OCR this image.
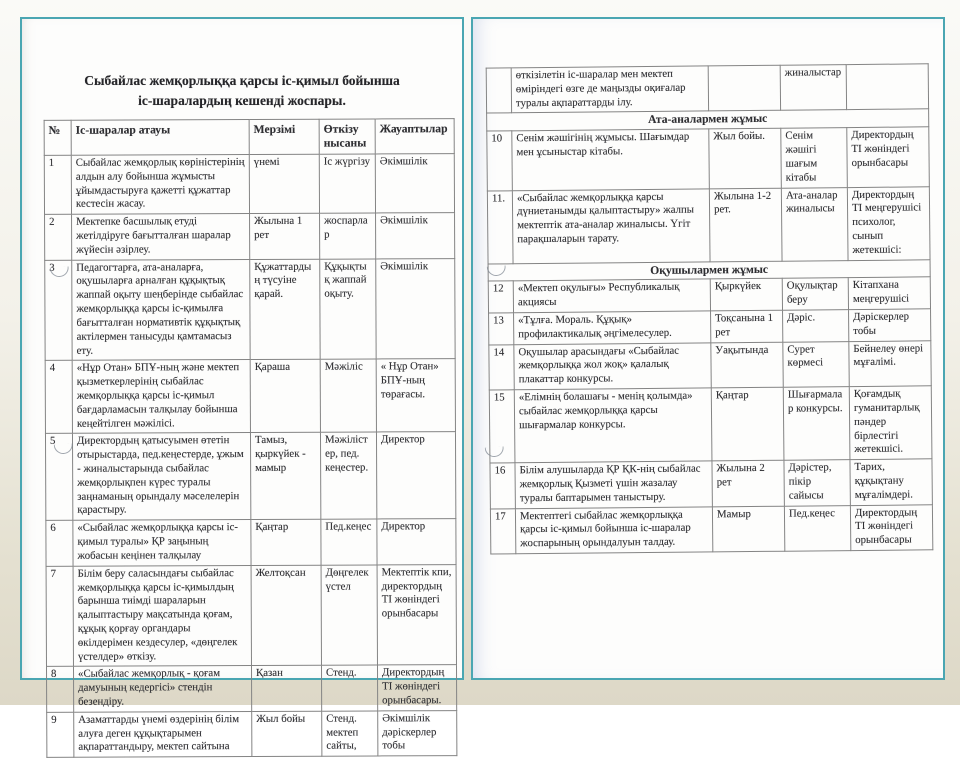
Сыбайлас жемқорлыққа қарсы іс-қимыл бойынша
іс-шаралардың кешенді жоспары.
№	Іс-шаралар атауы	Мерзімі	Өткізу нысаны	Жауаптылар
1	Сыбайлас жемқорлық көріністерінің алдын алу бойынша жұмысты ұйымдастыруға қажетті құжаттар кестесін жасау.	үнемі	Іс жүргізу	Әкімшілік
2	Мектепке басшылық етуді жетілдіруге бағытталған шаралар жүйесін әзірлеу.	Жылына 1 рет	жоспарлар	Әкімшілік
3	Педагогтарға, ата-аналарға, оқушыларға арналған құқықтық жаппай оқыту шеңберінде сыбайлас жемқорлыққа қарсы іс-қимылға бағытталған нормативтік құқықтық актілермен танысуды қамтамасыз ету.	Құжаттардың түсуіне қарай.	Құқықтық жаппай оқыту.	Әкімшілік
4	«Нұр Отан» БПҰ-ның және мектеп қызметкерлерінің сыбайлас жемқорлыққа қарсы іс-қимыл бағдарламасын талқылау бойынша кеңейтілген мәжілісі.	Қараша	Мәжіліс	« Нұр Отан» БПҰ-ның төрағасы.
5	Директордың қатысуымен өтетін отырыстарда, пед.кеңестерде, ұжым - жиналыстарында сыбайлас жемқорлықпен күрес туралы заңнаманың орындалу мәселелерін қарастыру.	Тамыз, қыркүйек - мамыр	Мәжілістер, пед. кеңестер.	Директор
6	«Сыбайлас жемқорлыққа қарсы іс- қимыл туралы» ҚР заңының жобасын кеңінен талқылау	Қаңтар	Пед.кеңес	Директор
7	Білім беру саласындағы сыбайлас жемқорлыққа қарсы іс-қимылдың барынша тиімді шараларын қалыптастыру мақсатында қоғам, құқық қорғау органдары өкілдерімен кездесулер, «дөңгелек үстелдер» өткізу.	Желтоқсан	Дөңгелек үстел	Мектептік кпи, директордың ТІ жөніндегі орынбасары
8	«Сыбайлас жемқорлық - қоғам дамуының кедергісі» стендін безендіру.	Қазан	Стенд.	Директордың ТІ жөніндегі орынбасары.
9	Азаматтарды үнемі өздерінің білім алуға деген құқықтарымен ақпараттандыру, мектеп сайтына	Жыл бойы	Стенд. мектеп сайты,	Әкімшілік дәріскерлер тобы
	өткізілетін іс-шаралар мен мектеп өміріндегі өзге де маңызды оқиғалар туралы ақпараттарды ілу.		жиналыстар	
Ата-аналармен жұмыс				
10	Сенім жәшігінің жұмысы. Шағымдар мен ұсыныстар кітабы.	Жыл бойы.	Сенім жәшігі шағым кітабы	Директордың ТІ жөніндегі орынбасары
11.	«Сыбайлас жемқорлыққа қарсы дүниетанымды қалыптастыру» жалпы мектептік ата-аналар жиналысы. Үгіт парақшаларын тарату.	Жылына 1-2 рет.	Ата-аналар жиналысы	Директордың ТІ меңгерушісі психолог, сынып жетекшісі:
Оқушылармен жұмыс				
12	«Мектеп оқулығы» Республикалық акциясы	Қыркүйек	Оқулықтар беру	Кітапхана меңгерушісі
13	«Тұлға. Мораль. Құқық» профилактикалық әңгімелесулер.	Тоқсанына 1 рет	Дәріс.	Дәріскерлер тобы
14	Оқушылар арасындағы «Сыбайлас жемқорлыққа жол жоқ» қалалық плакаттар конкурсы.	Уақытында	Сурет көрмесі	Бейнелеу өнері мұғалімі.
15	«Елімнің болашағы - менің қолымда» сыбайлас жемқорлыққа қарсы шығармалар конкурсы.	Қаңтар	Шығармалар конкурсы.	Қоғамдық гуманитарлық пәндер бірлестігі жетекшісі.
16	Білім алушыларда ҚР ҚК-нің сыбайлас жемқорлық Қызметі үшін жазалау туралы баптарымен таныстыру.	Жылына 2 рет	Дәрістер, пікір сайысы	Тарих, құқықтану мұғалімдері.
17	Мектептегі сыбайлас жемқорлыққа қарсы іс-қимыл бойынша іс-шаралар жоспарының орындалуын талдау.	Мамыр	Пед.кеңес	Директордың ТІ жөніндегі орынбасары
